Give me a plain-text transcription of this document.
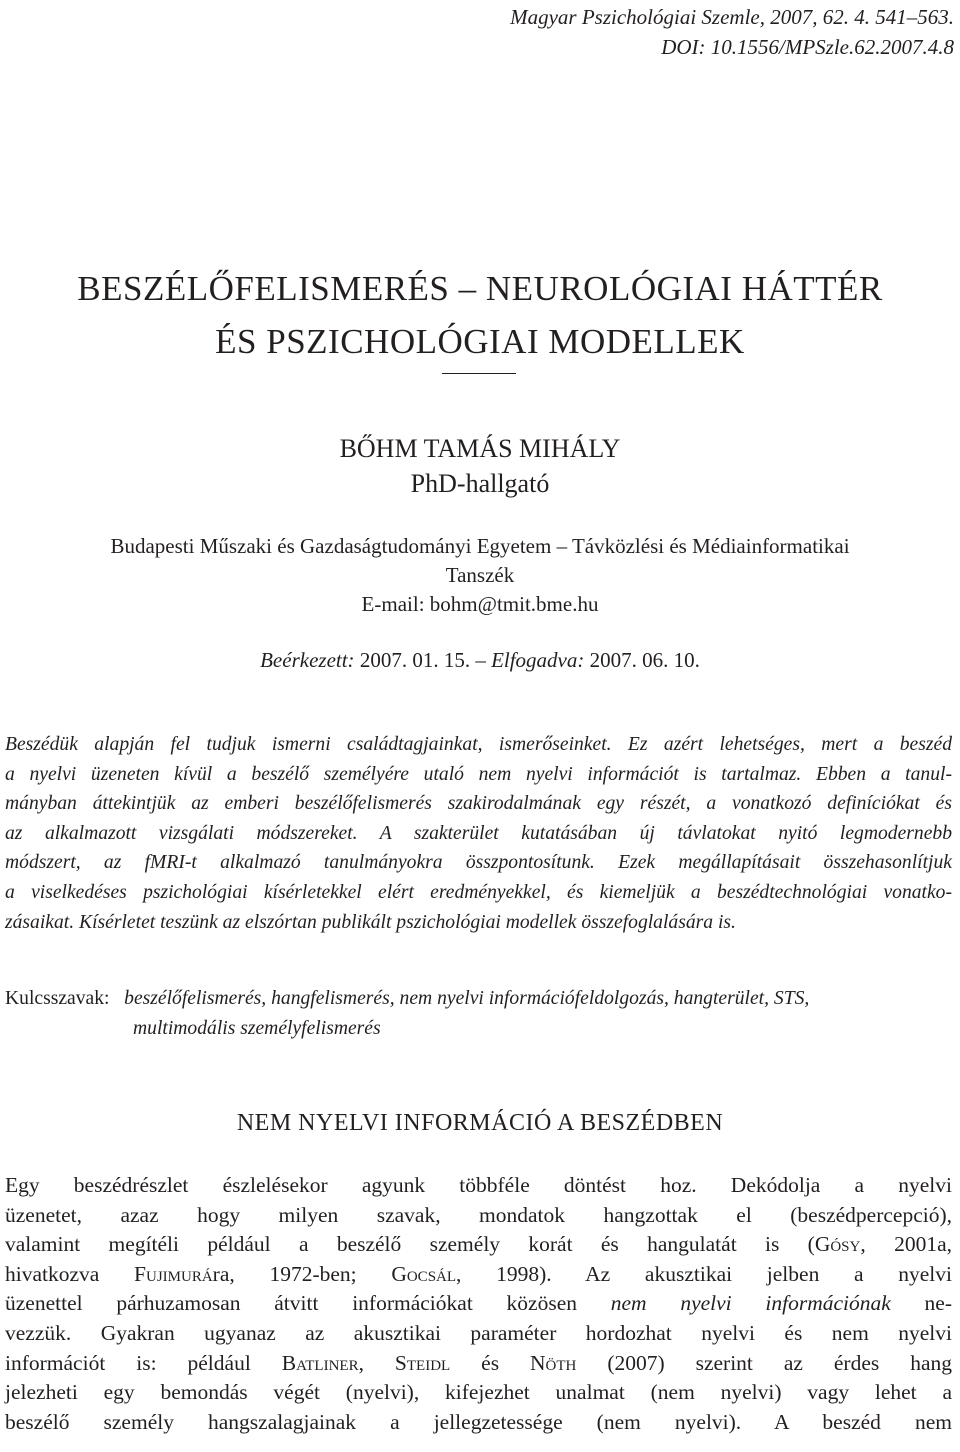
Magyar Pszichológiai Szemle, 2007, 62. 4. 541–563.
DOI: 10.1556/MPSzle.62.2007.4.8
BESZÉLŐFELISMERÉS – NEUROLÓGIAI HÁTTÉR
ÉS PSZICHOLÓGIAI MODELLEK
BŐHM TAMÁS MIHÁLY
PhD-hallgató
Budapesti Műszaki és Gazdaságtudományi Egyetem – Távközlési és Médiainformatikai
Tanszék
E-mail: bohm@tmit.bme.hu
Beérkezett: 2007. 01. 15. – Elfogadva: 2007. 06. 10.
Beszédük alapján fel tudjuk ismerni családtagjainkat, ismerőseinket. Ez azért lehetséges, mert a beszéd
a nyelvi üzeneten kívül a beszélő személyére utaló nem nyelvi információt is tartalmaz. Ebben a tanul-
mányban áttekintjük az emberi beszélőfelismerés szakirodalmának egy részét, a vonatkozó definíciókat és
az alkalmazott vizsgálati módszereket. A szakterület kutatásában új távlatokat nyitó legmodernebb
módszert, az fMRI-t alkalmazó tanulmányokra összpontosítunk. Ezek megállapításait összehasonlítjuk
a viselkedéses pszichológiai kísérletekkel elért eredményekkel, és kiemeljük a beszédtechnológiai vonatko-
zásaikat. Kísérletet teszünk az elszórtan publikált pszichológiai modellek összefoglalására is.
Kulcsszavak: beszélőfelismerés, hangfelismerés, nem nyelvi információfeldolgozás, hangterület, STS,
multimodális személyfelismerés
NEM NYELVI INFORMÁCIÓ A BESZÉDBEN
Egy beszédrészlet észlelésekor agyunk többféle döntést hoz. Dekódolja a nyelvi
üzenetet, azaz hogy milyen szavak, mondatok hangzottak el (beszédpercepció),
valamint megítéli például a beszélő személy korát és hangulatát is (Gósy, 2001a,
hivatkozva Fujimurára, 1972-ben; Gocsál, 1998). Az akusztikai jelben a nyelvi
üzenettel párhuzamosan átvitt információkat közösen nem nyelvi információnak ne-
vezzük. Gyakran ugyanaz az akusztikai paraméter hordozhat nyelvi és nem nyelvi
információt is: például Batliner, Steidl és Nöth (2007) szerint az érdes hang
jelezheti egy bemondás végét (nyelvi), kifejezhet unalmat (nem nyelvi) vagy lehet a
beszélő személy hangszalagjainak a jellegzetessége (nem nyelvi). A beszéd nem
